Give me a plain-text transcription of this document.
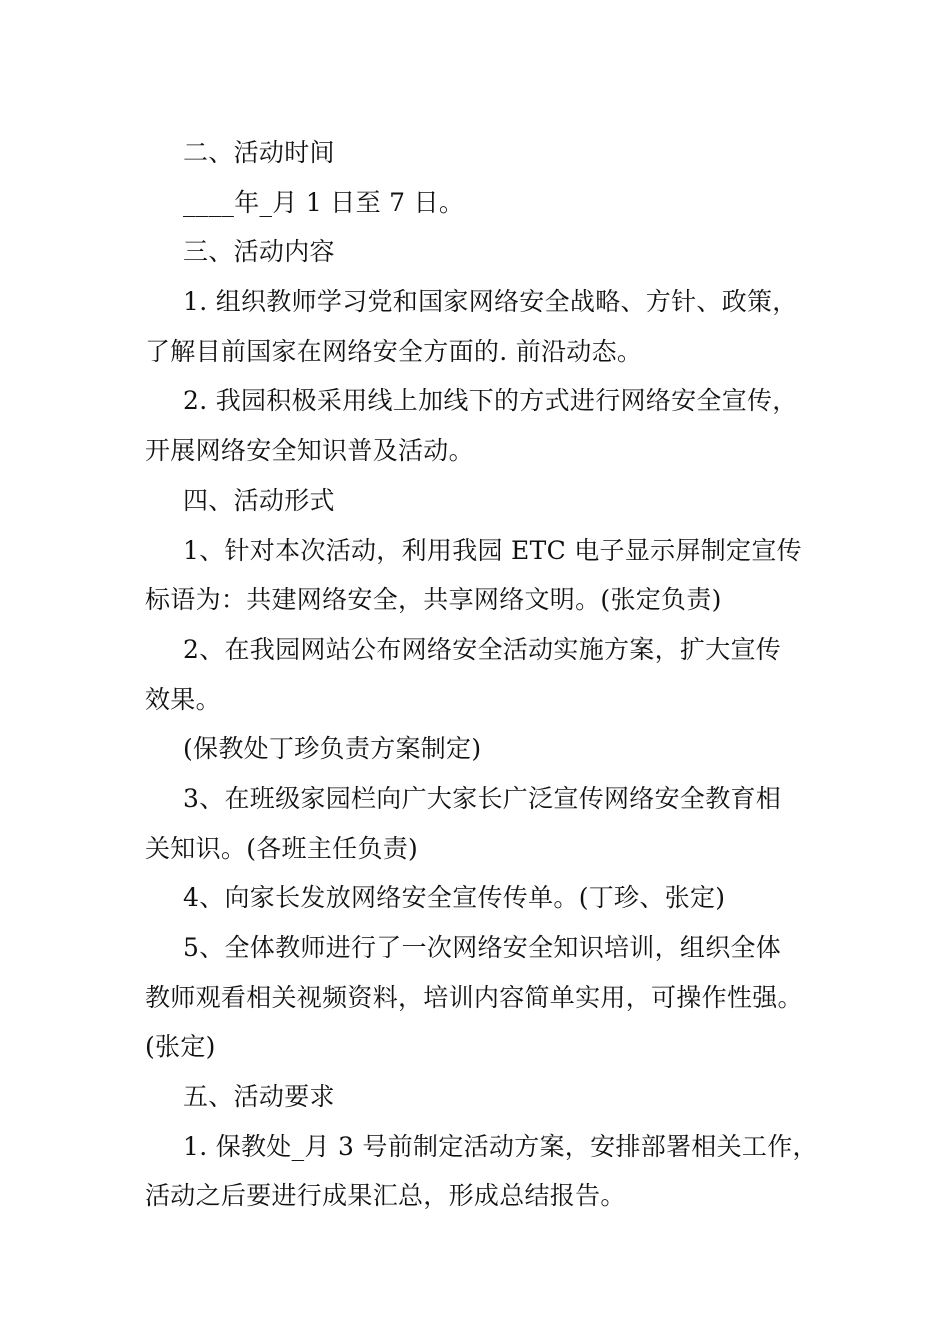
二、活动时间
____年_月 1 日至 7 日。
三、活动内容
1. 组织教师学习党和国家网络安全战略、方针、政策，
了解目前国家在网络安全方面的. 前沿动态。
2. 我园积极采用线上加线下的方式进行网络安全宣传，
开展网络安全知识普及活动。
四、活动形式
1、针对本次活动，利用我园 ETC 电子显示屏制定宣传
标语为：共建网络安全，共享网络文明。(张定负责)
2、在我园网站公布网络安全活动实施方案，扩大宣传
效果。
(保教处丁珍负责方案制定)
3、在班级家园栏向广大家长广泛宣传网络安全教育相
关知识。(各班主任负责)
4、向家长发放网络安全宣传传单。(丁珍、张定)
5、全体教师进行了一次网络安全知识培训，组织全体
教师观看相关视频资料，培训内容简单实用，可操作性强。
(张定)
五、活动要求
1. 保教处_月 3 号前制定活动方案，安排部署相关工作，
活动之后要进行成果汇总，形成总结报告。
